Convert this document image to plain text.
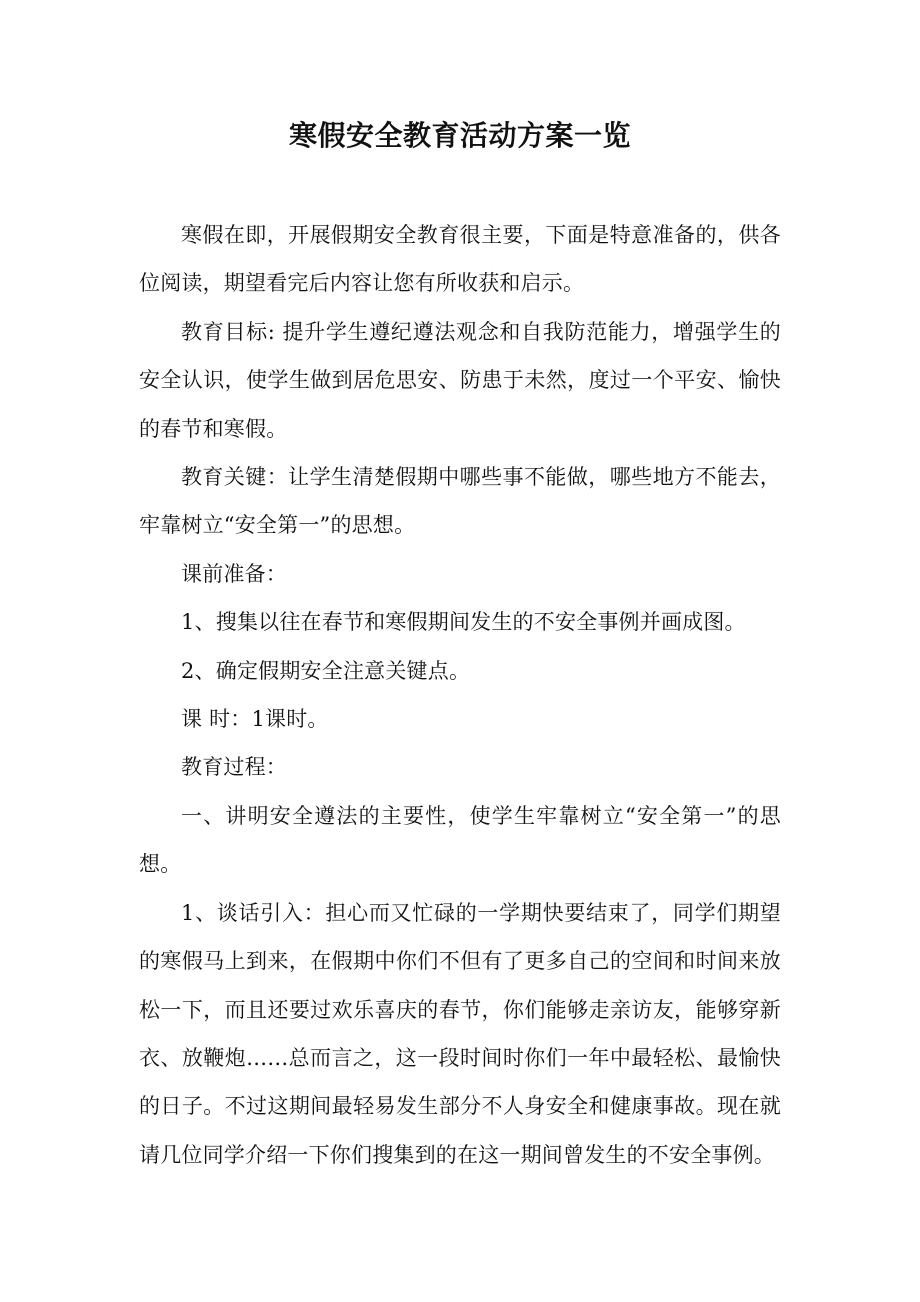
寒假安全教育活动方案一览

寒假在即，开展假期安全教育很主要，下面是特意准备的，供各位阅读，期望看完后内容让您有所收获和启示。

教育目标: 提升学生遵纪遵法观念和自我防范能力，增强学生的安全认识，使学生做到居危思安、防患于未然，度过一个平安、愉快的春节和寒假。

教育关键：让学生清楚假期中哪些事不能做，哪些地方不能去，牢靠树立“安全第一”的思想。

课前准备：

1、搜集以往在春节和寒假期间发生的不安全事例并画成图。

2、确定假期安全注意关键点。

课 时：1课时。

教育过程：

一、讲明安全遵法的主要性，使学生牢靠树立“安全第一”的思想。

1、谈话引入：担心而又忙碌的一学期快要结束了，同学们期望的寒假马上到来，在假期中你们不但有了更多自己的空间和时间来放松一下，而且还要过欢乐喜庆的春节，你们能够走亲访友，能够穿新衣、放鞭炮……总而言之，这一段时间时你们一年中最轻松、最愉快的日子。不过这期间最轻易发生部分不人身安全和健康事故。现在就请几位同学介绍一下你们搜集到的在这一期间曾发生的不安全事例。
